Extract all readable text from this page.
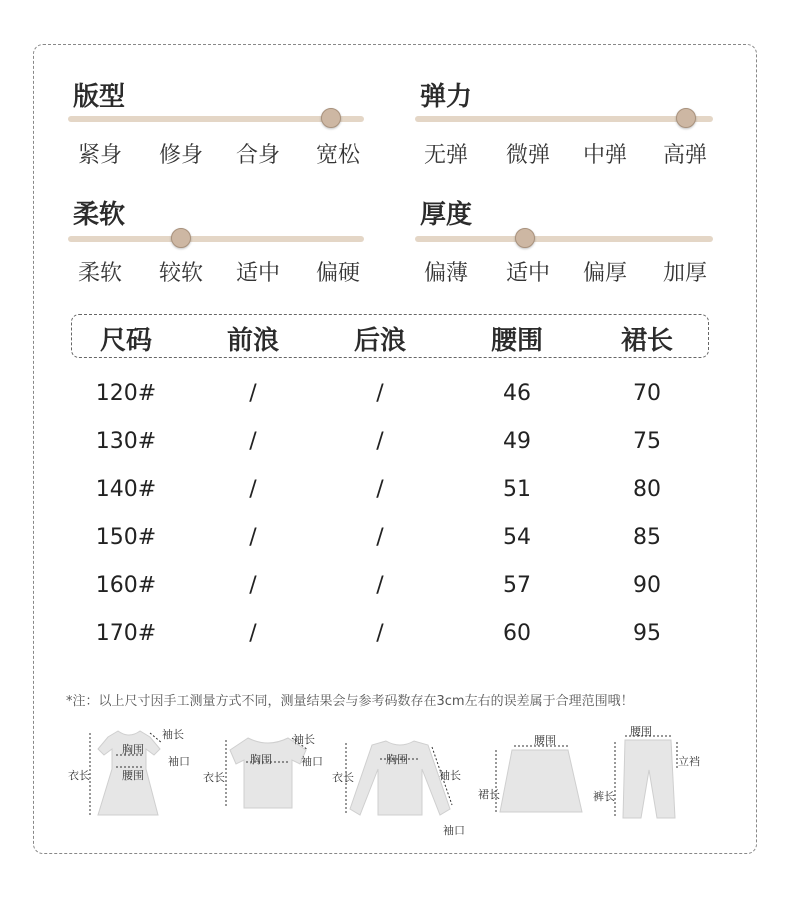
版型
紧身	修身	合身	宽松
弹力
无弹	微弹	中弹	高弹
柔软
柔软	较软	适中	偏硬
厚度
偏薄	适中	偏厚	加厚
尺码	前浪	后浪	腰围	裙长
120#	/	/	46	70
130#	/	/	49	75
140#	/	/	51	80
150#	/	/	54	85
160#	/	/	57	90
170#	/	/	60	95
*注：以上尺寸因手工测量方式不同，测量结果会与参考码数存在3cm左右的误差属于合理范围哦！
胸围
腰围
袖长
袖口
衣长
胸围
袖长
袖口
衣长
胸围
袖长
袖口
衣长
腰围
裙长
腰围
立裆
裤长
